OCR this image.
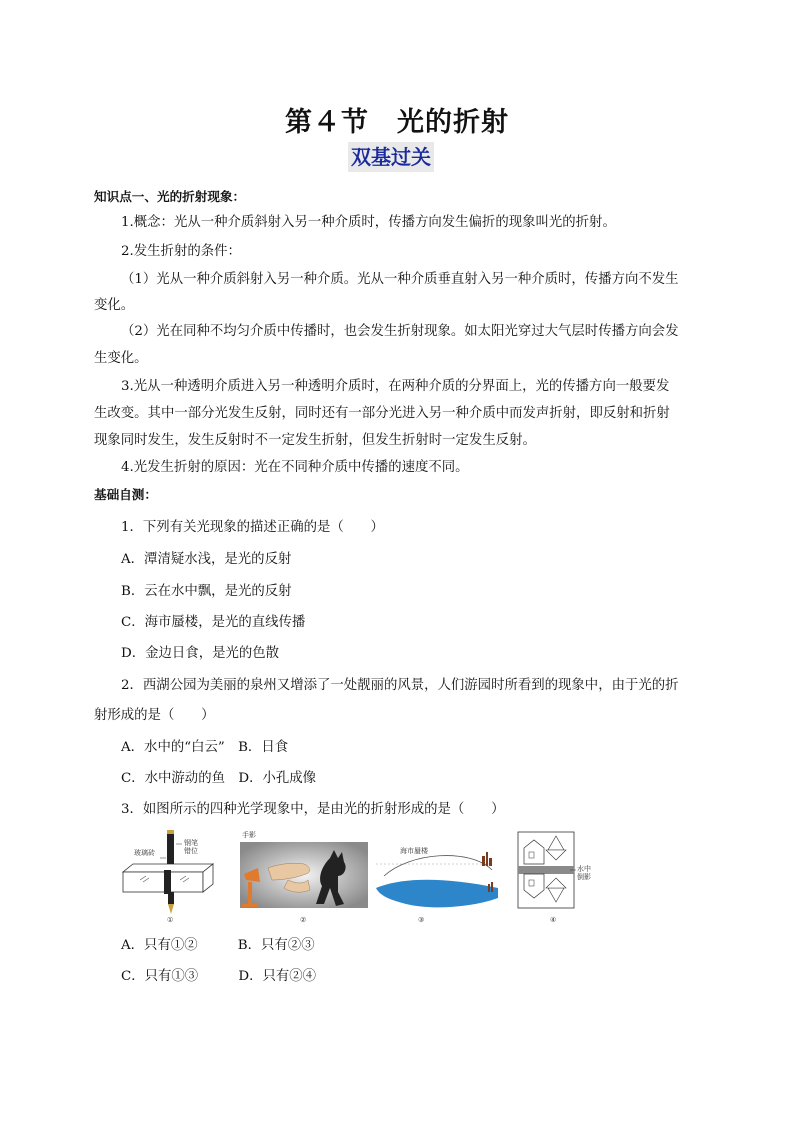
第４节　光的折射
双基过关
知识点一、光的折射现象：
1.概念：光从一种介质斜射入另一种介质时，传播方向发生偏折的现象叫光的折射。
2.发生折射的条件：
（1）光从一种介质斜射入另一种介质。光从一种介质垂直射入另一种介质时，传播方向不发生
变化。
（2）光在同种不均匀介质中传播时，也会发生折射现象。如太阳光穿过大气层时传播方向会发
生变化。
3.光从一种透明介质进入另一种透明介质时，在两种介质的分界面上，光的传播方向一般要发
生改变。其中一部分光发生反射，同时还有一部分光进入另一种介质中而发声折射，即反射和折射
现象同时发生，发生反射时不一定发生折射，但发生折射时一定发生反射。
4.光发生折射的原因：光在不同种介质中传播的速度不同。
基础自测：
1．下列有关光现象的描述正确的是（　　）
A．潭清疑水浅，是光的反射
B．云在水中飘，是光的反射
C．海市蜃楼，是光的直线传播
D．金边日食，是光的色散
2．西湖公园为美丽的泉州又增添了一处靓丽的风景，人们游园时所看到的现象中，由于光的折
射形成的是（　　）
A．水中的“白云”　B．日食
C．水中游动的鱼　D．小孔成像
3．如图所示的四种光学现象中，是由光的折射形成的是（　　）
玻璃砖
钢笔
错位
①
手影
②
海市蜃楼
③
水中
倒影
④
A．只有①②　　　B．只有②③
C．只有①③　　　D．只有②④
